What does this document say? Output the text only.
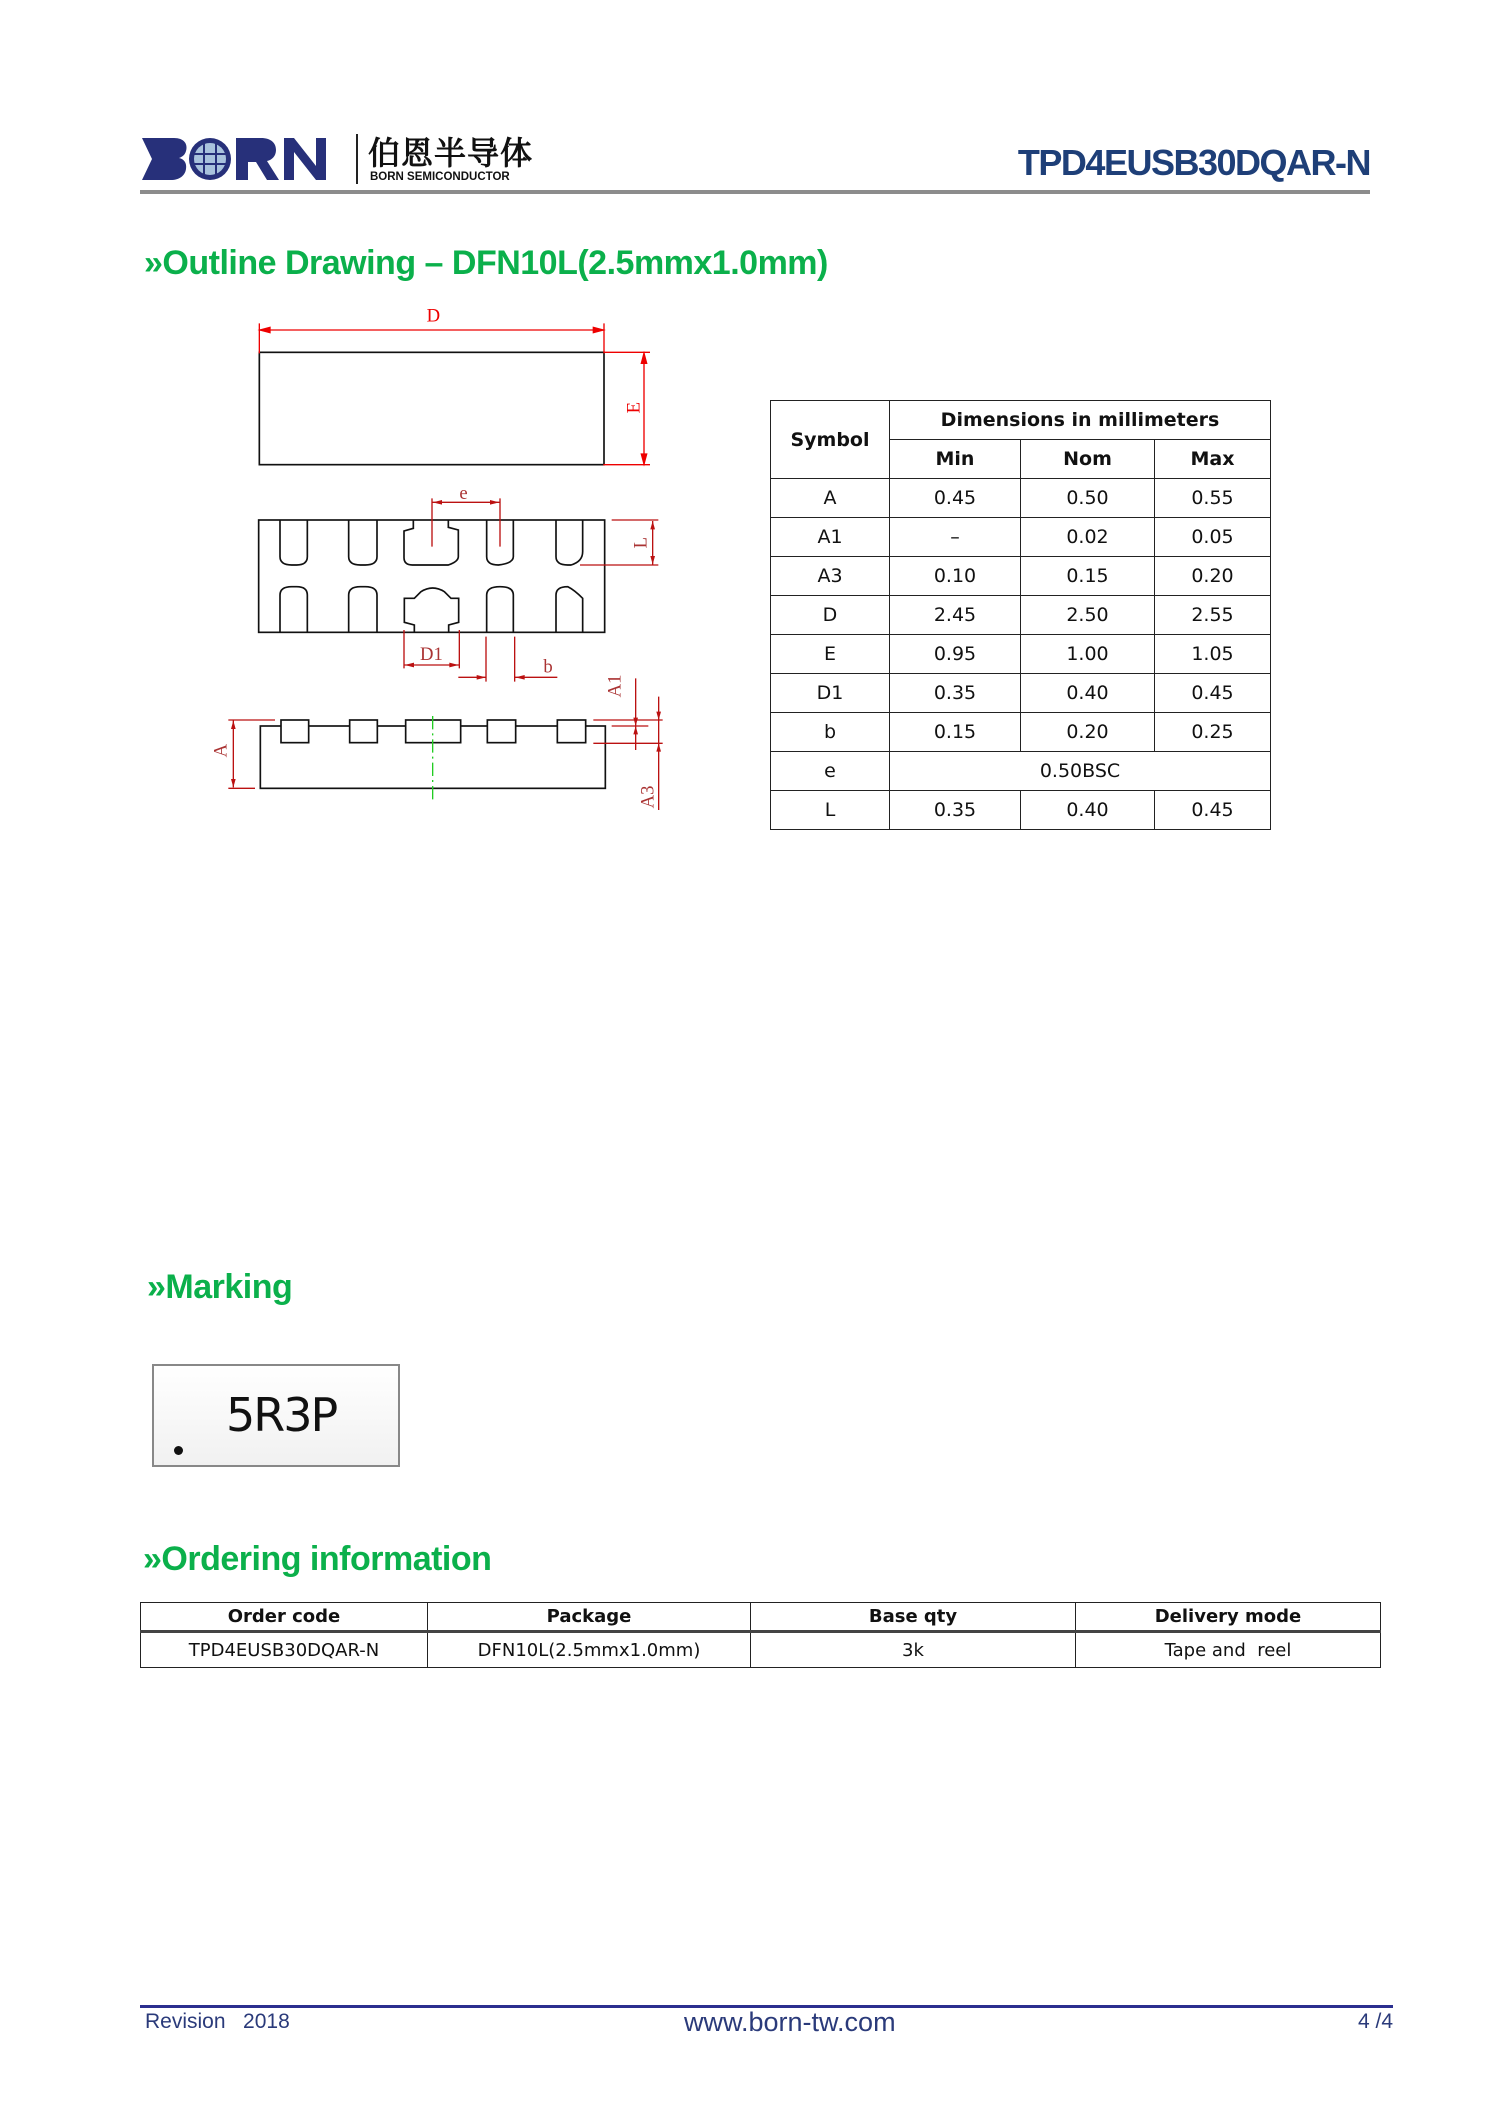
伯恩半导体
BORN SEMICONDUCTOR	TPD4EUSB30DQAR-N
»Outline Drawing – DFN10L(2.5mmx1.0mm)
D
E
e
L
D1
b
A
A1
A3
Symbol	Dimensions in millimeters		
	Min	Nom	Max
A	0.45	0.50	0.55
A1	–	0.02	0.05
A3	0.10	0.15	0.20
D	2.45	2.50	2.55
E	0.95	1.00	1.05
D1	0.35	0.40	0.45
b	0.15	0.20	0.25
e	0.50BSC		
L	0.35	0.40	0.45
»Marking
5R3P
»Ordering information
Order code	Package	Base qty	Delivery mode
TPD4EUSB30DQAR-N	DFN10L(2.5mmx1.0mm)	3k	Tape and  reel
Revision   2018	www.born-tw.com	4 /4
